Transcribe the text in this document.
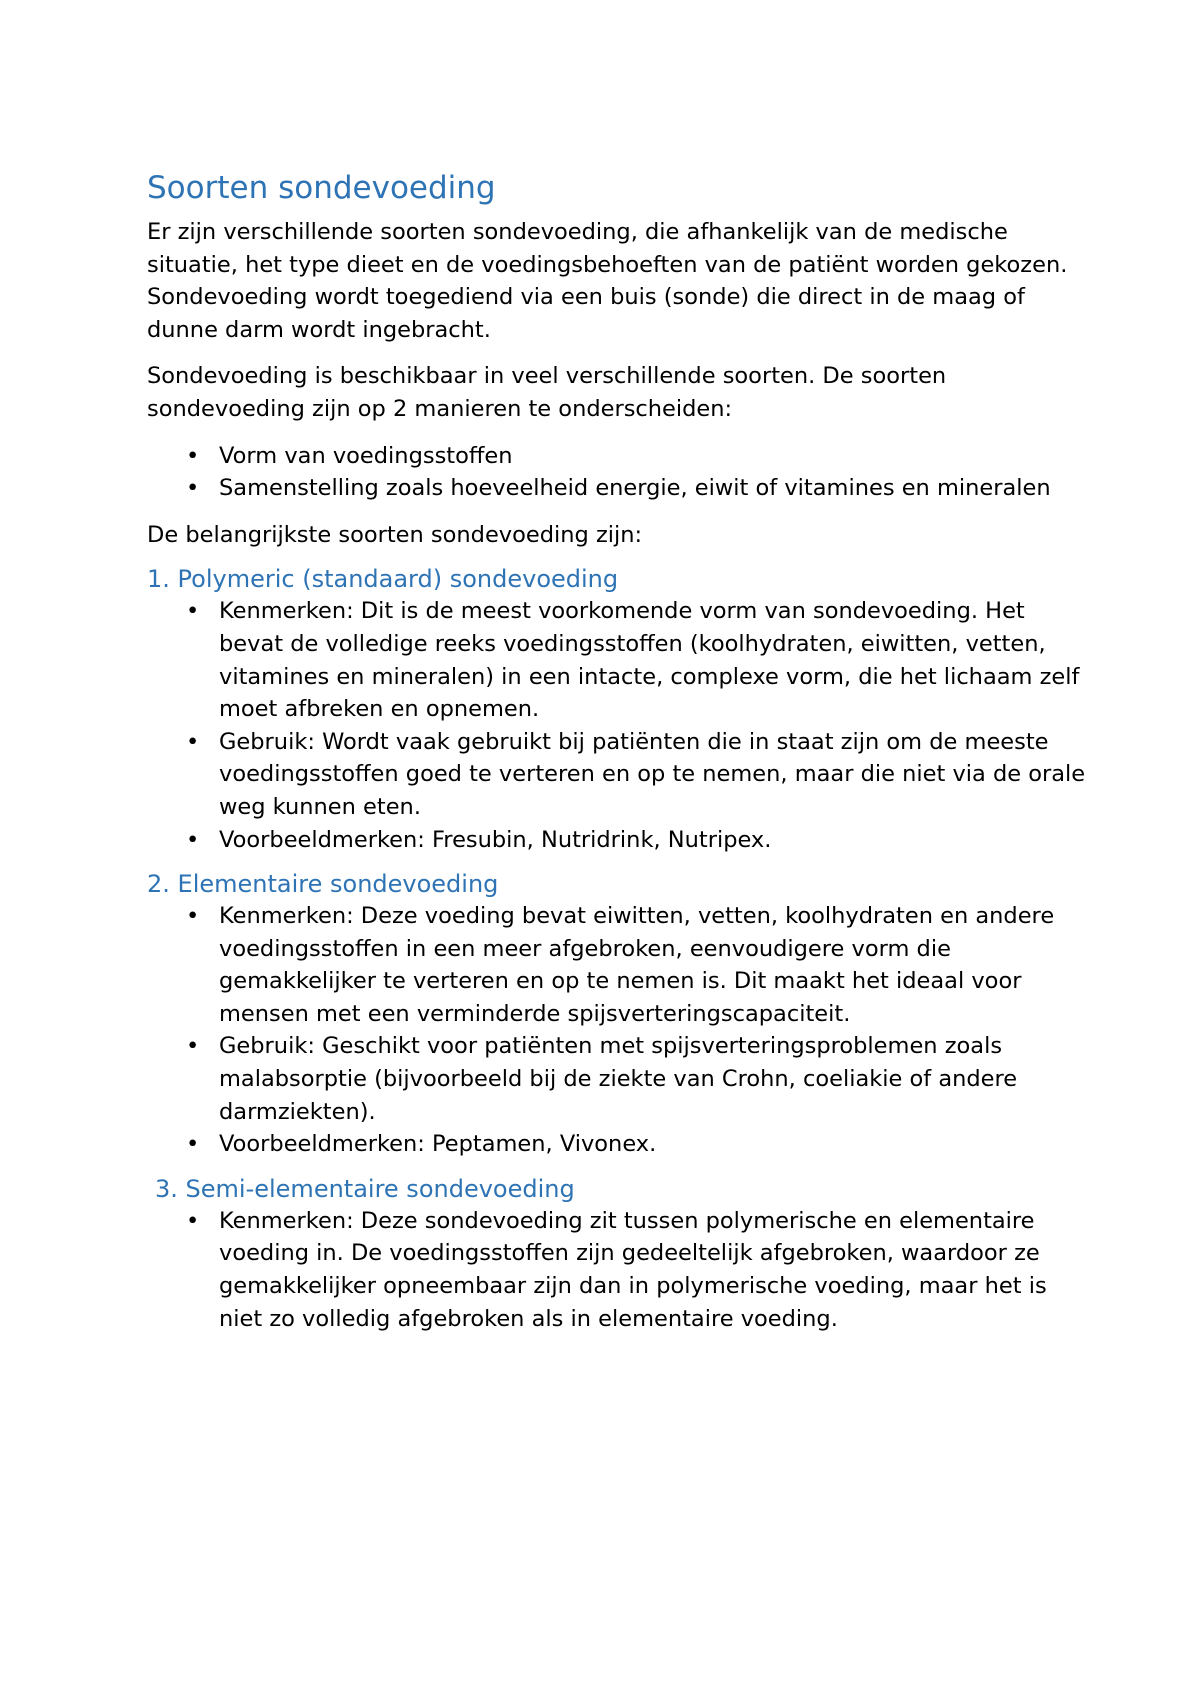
Soorten sondevoeding

Er zijn verschillende soorten sondevoeding, die afhankelijk van de medische situatie, het type dieet en de voedingsbehoeften van de patiënt worden gekozen. Sondevoeding wordt toegediend via een buis (sonde) die direct in de maag of dunne darm wordt ingebracht.

Sondevoeding is beschikbaar in veel verschillende soorten. De soorten sondevoeding zijn op 2 manieren te onderscheiden:

• Vorm van voedingsstoffen
• Samenstelling zoals hoeveelheid energie, eiwit of vitamines en mineralen

De belangrijkste soorten sondevoeding zijn:

1. Polymeric (standaard) sondevoeding
• Kenmerken: Dit is de meest voorkomende vorm van sondevoeding. Het bevat de volledige reeks voedingsstoffen (koolhydraten, eiwitten, vetten, vitamines en mineralen) in een intacte, complexe vorm, die het lichaam zelf moet afbreken en opnemen.
• Gebruik: Wordt vaak gebruikt bij patiënten die in staat zijn om de meeste voedingsstoffen goed te verteren en op te nemen, maar die niet via de orale weg kunnen eten.
• Voorbeeldmerken: Fresubin, Nutridrink, Nutripex.
2. Elementaire sondevoeding
• Kenmerken: Deze voeding bevat eiwitten, vetten, koolhydraten en andere voedingsstoffen in een meer afgebroken, eenvoudigere vorm die gemakkelijker te verteren en op te nemen is. Dit maakt het ideaal voor mensen met een verminderde spijsverteringscapaciteit.
• Gebruik: Geschikt voor patiënten met spijsverteringsproblemen zoals malabsorptie (bijvoorbeeld bij de ziekte van Crohn, coeliakie of andere darmziekten).
• Voorbeeldmerken: Peptamen, Vivonex.
3. Semi-elementaire sondevoeding
• Kenmerken: Deze sondevoeding zit tussen polymerische en elementaire voeding in. De voedingsstoffen zijn gedeeltelijk afgebroken, waardoor ze gemakkelijker opneembaar zijn dan in polymerische voeding, maar het is niet zo volledig afgebroken als in elementaire voeding.
